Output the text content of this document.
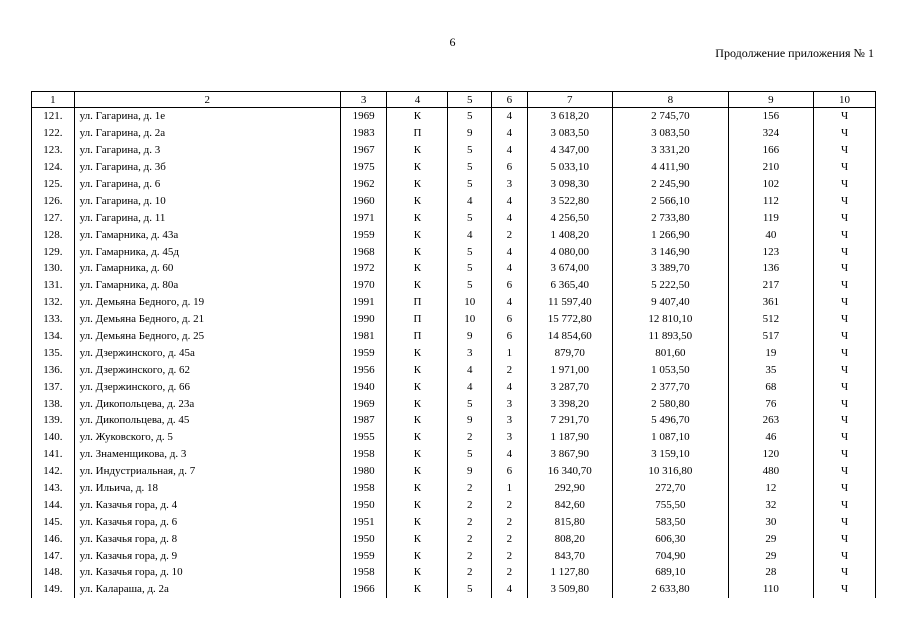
6
Продолжение приложения № 1
1	2	3	4	5	6	7	8	9	10
121.	ул. Гагарина, д. 1е	1969	К	5	4	3 618,20	2 745,70	156	Ч
122.	ул. Гагарина, д. 2а	1983	П	9	4	3 083,50	3 083,50	324	Ч
123.	ул. Гагарина, д. 3	1967	К	5	4	4 347,00	3 331,20	166	Ч
124.	ул. Гагарина, д. 3б	1975	К	5	6	5 033,10	4 411,90	210	Ч
125.	ул. Гагарина, д. 6	1962	К	5	3	3 098,30	2 245,90	102	Ч
126.	ул. Гагарина, д. 10	1960	К	4	4	3 522,80	2 566,10	112	Ч
127.	ул. Гагарина, д. 11	1971	К	5	4	4 256,50	2 733,80	119	Ч
128.	ул. Гамарника, д. 43а	1959	К	4	2	1 408,20	1 266,90	40	Ч
129.	ул. Гамарника, д. 45д	1968	К	5	4	4 080,00	3 146,90	123	Ч
130.	ул. Гамарника, д. 60	1972	К	5	4	3 674,00	3 389,70	136	Ч
131.	ул. Гамарника, д. 80а	1970	К	5	6	6 365,40	5 222,50	217	Ч
132.	ул. Демьяна Бедного, д. 19	1991	П	10	4	11 597,40	9 407,40	361	Ч
133.	ул. Демьяна Бедного, д. 21	1990	П	10	6	15 772,80	12 810,10	512	Ч
134.	ул. Демьяна Бедного, д. 25	1981	П	9	6	14 854,60	11 893,50	517	Ч
135.	ул. Дзержинского, д. 45а	1959	К	3	1	879,70	801,60	19	Ч
136.	ул. Дзержинского, д. 62	1956	К	4	2	1 971,00	1 053,50	35	Ч
137.	ул. Дзержинского, д. 66	1940	К	4	4	3 287,70	2 377,70	68	Ч
138.	ул. Дикопольцева, д. 23а	1969	К	5	3	3 398,20	2 580,80	76	Ч
139.	ул. Дикопольцева, д. 45	1987	К	9	3	7 291,70	5 496,70	263	Ч
140.	ул. Жуковского, д. 5	1955	К	2	3	1 187,90	1 087,10	46	Ч
141.	ул. Знаменщикова, д. 3	1958	К	5	4	3 867,90	3 159,10	120	Ч
142.	ул. Индустриальная, д. 7	1980	К	9	6	16 340,70	10 316,80	480	Ч
143.	ул. Ильича, д. 18	1958	К	2	1	292,90	272,70	12	Ч
144.	ул. Казачья гора, д. 4	1950	К	2	2	842,60	755,50	32	Ч
145.	ул. Казачья гора, д. 6	1951	К	2	2	815,80	583,50	30	Ч
146.	ул. Казачья гора, д. 8	1950	К	2	2	808,20	606,30	29	Ч
147.	ул. Казачья гора, д. 9	1959	К	2	2	843,70	704,90	29	Ч
148.	ул. Казачья гора, д. 10	1958	К	2	2	1 127,80	689,10	28	Ч
149.	ул. Калараша, д. 2а	1966	К	5	4	3 509,80	2 633,80	110	Ч
